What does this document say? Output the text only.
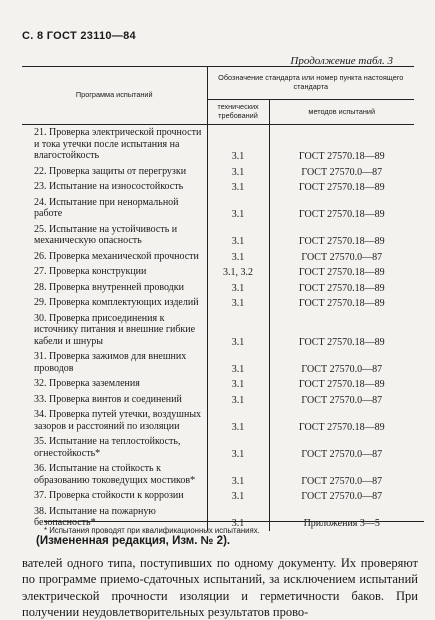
С. 8 ГОСТ 23110—84
Продолжение табл. 3
Программа испытаний	Обозначение стандарта или номер пункта настоящего стандарта	
	технических требований	методов испытаний
21. Проверка электрической прочности и тока утечки после испытания на влагостойкость	3.1	ГОСТ 27570.18—89
22. Проверка защиты от перегрузки	3.1	ГОСТ 27570.0—87
23. Испытание на износостойкость	3.1	ГОСТ 27570.18—89
24. Испытание при ненормальной работе	3.1	ГОСТ 27570.18—89
25. Испытание на устойчивость и механическую опасность	3.1	ГОСТ 27570.18—89
26. Проверка механической прочности	3.1	ГОСТ 27570.0—87
27. Проверка конструкции	3.1, 3.2	ГОСТ 27570.18—89
28. Проверка внутренней проводки	3.1	ГОСТ 27570.18—89
29. Проверка комплектующих изделий	3.1	ГОСТ 27570.18—89
30. Проверка присоединения к источнику питания и внешние гибкие кабели и шнуры	3.1	ГОСТ 27570.18—89
31. Проверка зажимов для внешних проводов	3.1	ГОСТ 27570.0—87
32. Проверка заземления	3.1	ГОСТ 27570.18—89
33. Проверка винтов и соединений	3.1	ГОСТ 27570.0—87
34. Проверка путей утечки, воздушных зазоров и расстояний по изоляции	3.1	ГОСТ 27570.18—89
35. Испытание на теплостойкость, огнестойкость*	3.1	ГОСТ 27570.0—87
36. Испытание на стойкость к образованию токоведущих мостиков*	3.1	ГОСТ 27570.0—87
37. Проверка стойкости к коррозии	3.1	ГОСТ 27570.0—87
38. Испытание на пожарную безопасность*	3.1	Приложения 3—5
* Испытания проводят при квалификационных испытаниях.
(Измененная редакция, Изм. № 2).
вателей одного типа, поступивших по одному документу. Их проверяют по программе приемо-сдаточных испытаний, за исключением испытаний электрической прочности изоляции и герметичности баков. При получении неудовлетворительных результатов прово-
